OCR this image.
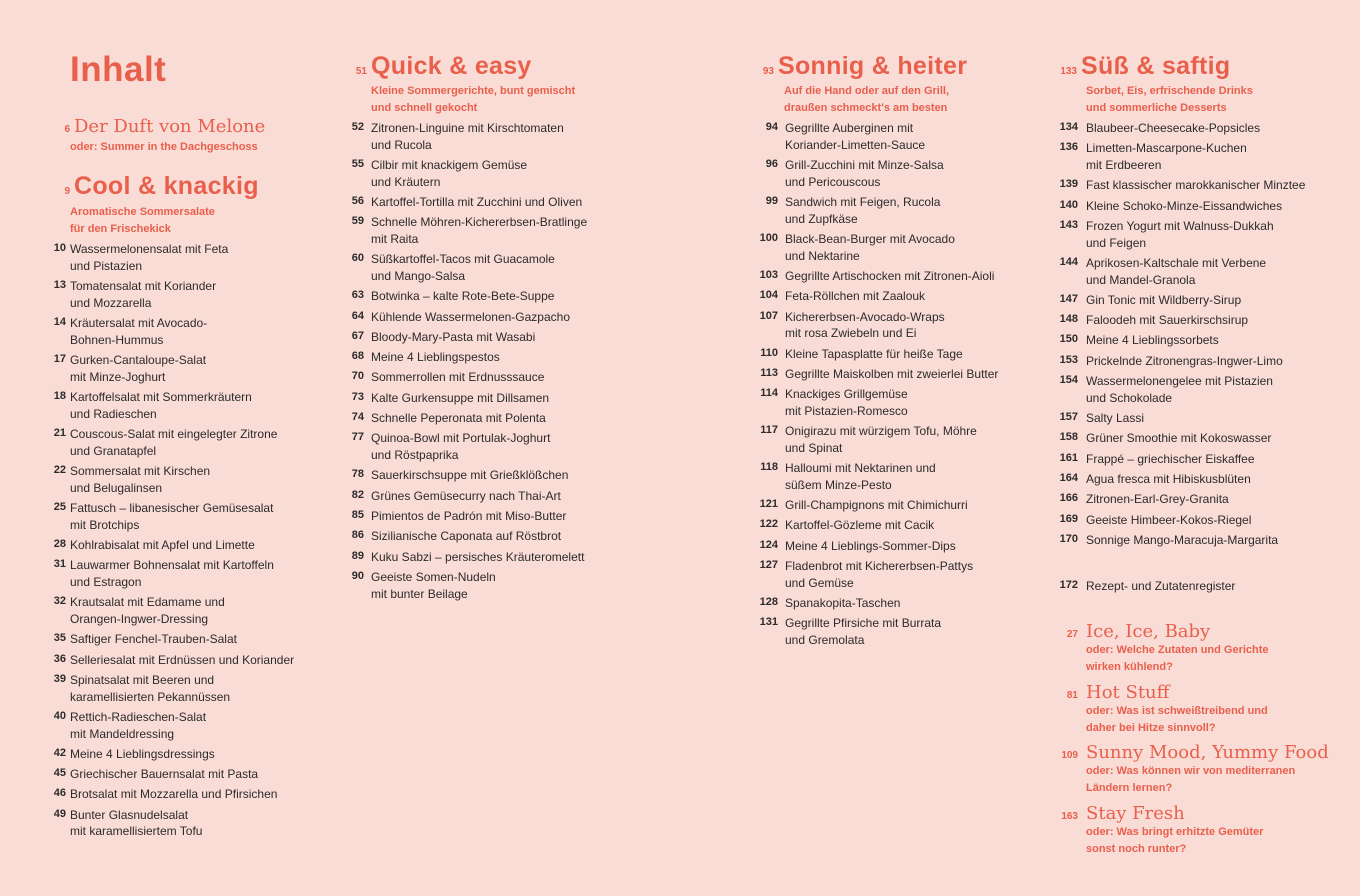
Inhalt
6 Der Duft von Melone
oder: Summer in the Dachgeschoss
9 Cool & knackig
Aromatische Sommersalate
für den Frischekick
10 Wassermelonensalat mit Feta
und Pistazien
13 Tomatensalat mit Koriander
und Mozzarella
14 Kräutersalat mit Avocado-
Bohnen-Hummus
17 Gurken-Cantaloupe-Salat
mit Minze-Joghurt
18 Kartoffelsalat mit Sommerkräutern
und Radieschen
21 Couscous-Salat mit eingelegter Zitrone
und Granatapfel
22 Sommersalat mit Kirschen
und Belugalinsen
25 Fattusch – libanesischer Gemüsesalat
mit Brotchips
28 Kohlrabisalat mit Apfel und Limette
31 Lauwarmer Bohnensalat mit Kartoffeln
und Estragon
32 Krautsalat mit Edamame und
Orangen-Ingwer-Dressing
35 Saftiger Fenchel-Trauben-Salat
36 Selleriesalat mit Erdnüssen und Koriander
39 Spinatsalat mit Beeren und
karamellisierten Pekannüssen
40 Rettich-Radieschen-Salat
mit Mandeldressing
42 Meine 4 Lieblingsdressings
45 Griechischer Bauernsalat mit Pasta
46 Brotsalat mit Mozzarella und Pfirsichen
49 Bunter Glasnudelsalat
mit karamellisiertem Tofu
51 Quick & easy
Kleine Sommergerichte, bunt gemischt
und schnell gekocht
52 Zitronen-Linguine mit Kirschtomaten
und Rucola
55 Cilbir mit knackigem Gemüse
und Kräutern
56 Kartoffel-Tortilla mit Zucchini und Oliven
59 Schnelle Möhren-Kichererbsen-Bratlinge
mit Raita
60 Süßkartoffel-Tacos mit Guacamole
und Mango-Salsa
63 Botwinka – kalte Rote-Bete-Suppe
64 Kühlende Wassermelonen-Gazpacho
67 Bloody-Mary-Pasta mit Wasabi
68 Meine 4 Lieblingspestos
70 Sommerrollen mit Erdnusssauce
73 Kalte Gurkensuppe mit Dillsamen
74 Schnelle Peperonata mit Polenta
77 Quinoa-Bowl mit Portulak-Joghurt
und Röstpaprika
78 Sauerkirschsuppe mit Grießklößchen
82 Grünes Gemüsecurry nach Thai-Art
85 Pimientos de Padrón mit Miso-Butter
86 Sizilianische Caponata auf Röstbrot
89 Kuku Sabzi – persisches Kräuteromelett
90 Geeiste Somen-Nudeln
mit bunter Beilage
93 Sonnig & heiter
Auf die Hand oder auf den Grill,
draußen schmeckt's am besten
94 Gegrillte Auberginen mit
Koriander-Limetten-Sauce
96 Grill-Zucchini mit Minze-Salsa
und Pericouscous
99 Sandwich mit Feigen, Rucola
und Zupfkäse
100 Black-Bean-Burger mit Avocado
und Nektarine
103 Gegrillte Artischocken mit Zitronen-Aioli
104 Feta-Röllchen mit Zaalouk
107 Kichererbsen-Avocado-Wraps
mit rosa Zwiebeln und Ei
110 Kleine Tapasplatte für heiße Tage
113 Gegrillte Maiskolben mit zweierlei Butter
114 Knackiges Grillgemüse
mit Pistazien-Romesco
117 Onigirazu mit würzigem Tofu, Möhre
und Spinat
118 Halloumi mit Nektarinen und
süßem Minze-Pesto
121 Grill-Champignons mit Chimichurri
122 Kartoffel-Gözleme mit Cacik
124 Meine 4 Lieblings-Sommer-Dips
127 Fladenbrot mit Kichererbsen-Pattys
und Gemüse
128 Spanakopita-Taschen
131 Gegrillte Pfirsiche mit Burrata
und Gremolata
133 Süß & saftig
Sorbet, Eis, erfrischende Drinks
und sommerliche Desserts
134 Blaubeer-Cheesecake-Popsicles
136 Limetten-Mascarpone-Kuchen
mit Erdbeeren
139 Fast klassischer marokkanischer Minztee
140 Kleine Schoko-Minze-Eissandwiches
143 Frozen Yogurt mit Walnuss-Dukkah
und Feigen
144 Aprikosen-Kaltschale mit Verbene
und Mandel-Granola
147 Gin Tonic mit Wildberry-Sirup
148 Faloodeh mit Sauerkirschsirup
150 Meine 4 Lieblingssorbets
153 Prickelnde Zitronengras-Ingwer-Limo
154 Wassermelonengelee mit Pistazien
und Schokolade
157 Salty Lassi
158 Grüner Smoothie mit Kokoswasser
161 Frappé – griechischer Eiskaffee
164 Agua fresca mit Hibiskusblüten
166 Zitronen-Earl-Grey-Granita
169 Geeiste Himbeer-Kokos-Riegel
170 Sonnige Mango-Maracuja-Margarita
172 Rezept- und Zutatenregister
27 Ice, Ice, Baby
oder: Welche Zutaten und Gerichte
wirken kühlend?
81 Hot Stuff
oder: Was ist schweißtreibend und
daher bei Hitze sinnvoll?
109 Sunny Mood, Yummy Food
oder: Was können wir von mediterranen
Ländern lernen?
163 Stay Fresh
oder: Was bringt erhitzte Gemüter
sonst noch runter?
